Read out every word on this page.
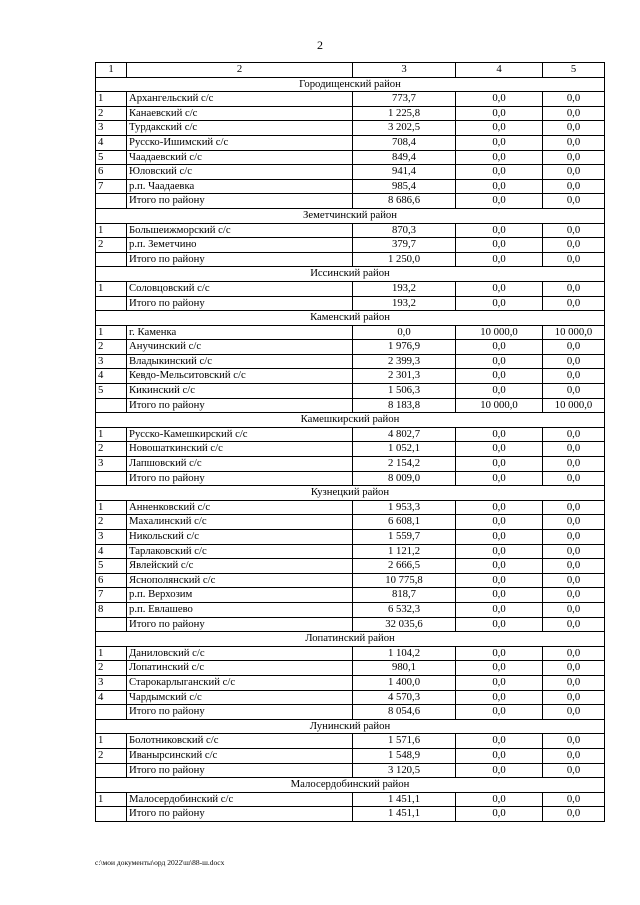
2
1	2	3	4	5
Городищенский район				
1	Архангельский с/с	773,7	0,0	0,0
2	Канаевский с/с	1 225,8	0,0	0,0
3	Турдакский с/с	3 202,5	0,0	0,0
4	Русско-Ишимский с/с	708,4	0,0	0,0
5	Чаадаевский с/с	849,4	0,0	0,0
6	Юловский с/с	941,4	0,0	0,0
7	р.п. Чаадаевка	985,4	0,0	0,0
	Итого по району	8 686,6	0,0	0,0
Земетчинский район				
1	Большеижморский с/с	870,3	0,0	0,0
2	р.п. Земетчино	379,7	0,0	0,0
	Итого по району	1 250,0	0,0	0,0
Иссинский район				
1	Соловцовский с/с	193,2	0,0	0,0
	Итого по району	193,2	0,0	0,0
Каменский район				
1	г. Каменка	0,0	10 000,0	10 000,0
2	Анучинский с/с	1 976,9	0,0	0,0
3	Владыкинский с/с	2 399,3	0,0	0,0
4	Кевдо-Мельситовский с/с	2 301,3	0,0	0,0
5	Кикинский с/с	1 506,3	0,0	0,0
	Итого по району	8 183,8	10 000,0	10 000,0
Камешкирский район				
1	Русско-Камешкирский с/с	4 802,7	0,0	0,0
2	Новошаткинский с/с	1 052,1	0,0	0,0
3	Лапшовский с/с	2 154,2	0,0	0,0
	Итого по району	8 009,0	0,0	0,0
Кузнецкий район				
1	Анненковский с/с	1 953,3	0,0	0,0
2	Махалинский с/с	6 608,1	0,0	0,0
3	Никольский с/с	1 559,7	0,0	0,0
4	Тарлаковский с/с	1 121,2	0,0	0,0
5	Явлейский с/с	2 666,5	0,0	0,0
6	Яснополянский с/с	10 775,8	0,0	0,0
7	р.п. Верхозим	818,7	0,0	0,0
8	р.п. Евлашево	6 532,3	0,0	0,0
	Итого по району	32 035,6	0,0	0,0
Лопатинский район				
1	Даниловский с/с	1 104,2	0,0	0,0
2	Лопатинский с/с	980,1	0,0	0,0
3	Старокарлыганский с/с	1 400,0	0,0	0,0
4	Чардымский с/с	4 570,3	0,0	0,0
	Итого по району	8 054,6	0,0	0,0
Лунинский район				
1	Болотниковский с/с	1 571,6	0,0	0,0
2	Иванырсинский с/с	1 548,9	0,0	0,0
	Итого по району	3 120,5	0,0	0,0
Малосердобинский район				
1	Малосердобинский с/с	1 451,1	0,0	0,0
	Итого по району	1 451,1	0,0	0,0
c:\мои документы\орд 2022\ш\88-ш.docx
